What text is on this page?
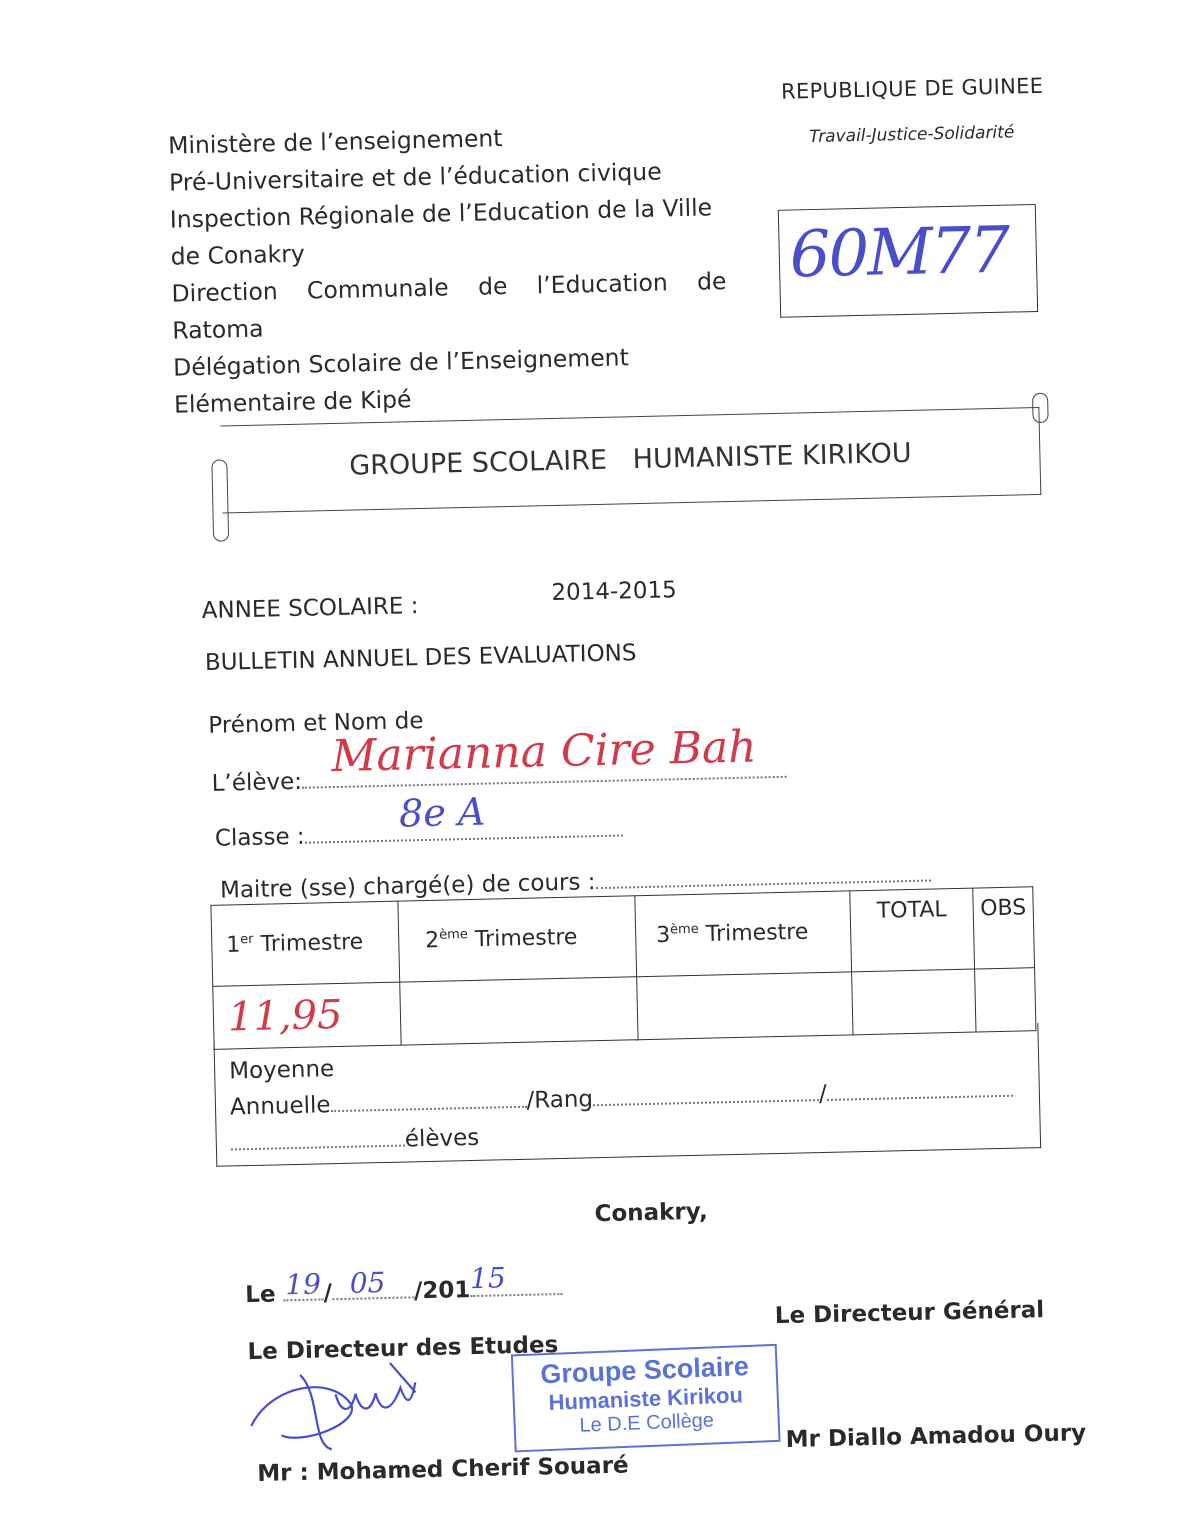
Ministère de l’enseignement
Pré-Universitaire et de l’éducation civique
Inspection Régionale de l’Education de la Ville
de Conakry
Direction Communale de l’Education de
Ratoma
Délégation Scolaire de l’Enseignement
Elémentaire de Kipé
REPUBLIQUE DE GUINEE
Travail-Justice-Solidarité
60M77
GROUPE SCOLAIRE   HUMANISTE KIRIKOU
ANNEE SCOLAIRE :
2014-2015
BULLETIN ANNUEL DES EVALUATIONS
Prénom et Nom de
L’élève:
Marianna Cire Bah
Classe :
8e A
Maitre (sse) chargé(e) de cours :
1er Trimestre	2ème Trimestre	3ème Trimestre	TOTAL	OBS
11,95				
Moyenne
Annuelle	/Rang	/
élèves
Conakry,
Le 19 / 05 /201 15
Le Directeur des Etudes
Le Directeur Général
Groupe Scolaire
Humaniste Kirikou
Le D.E Collège
Mr : Mohamed Cherif Souaré
Mr Diallo Amadou Oury
